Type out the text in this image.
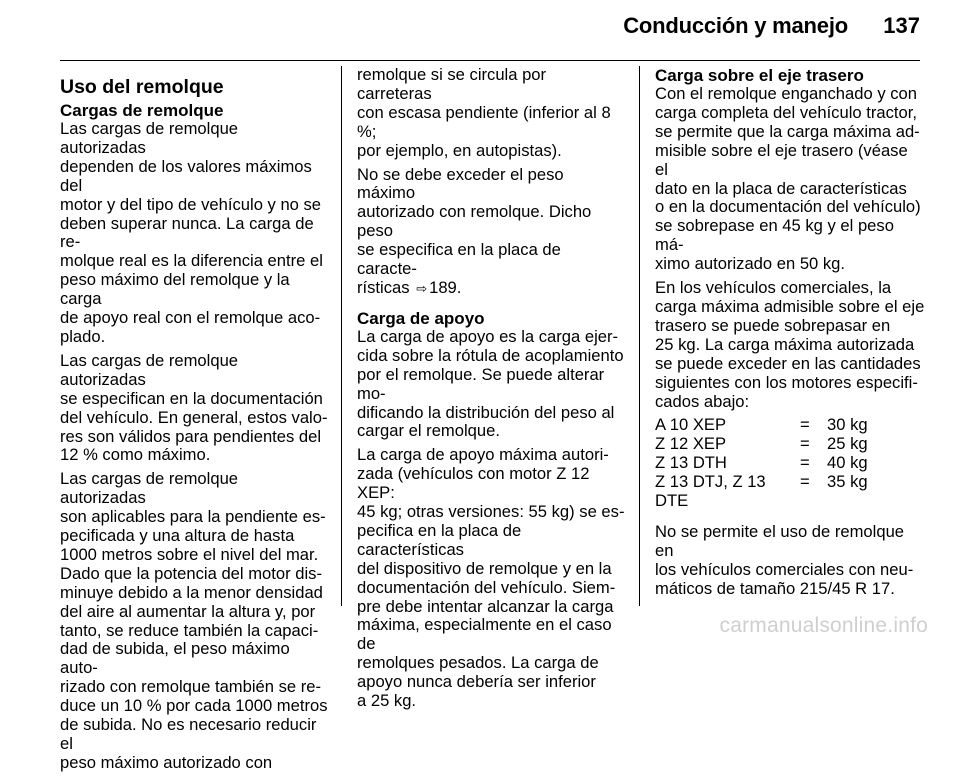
Conducción y manejo 137
Uso del remolque
Cargas de remolque

Las cargas de remolque autorizadas
dependen de los valores máximos del
motor y del tipo de vehículo y no se
deben superar nunca. La carga de re-
molque real es la diferencia entre el
peso máximo del remolque y la carga
de apoyo real con el remolque aco-
plado.

Las cargas de remolque autorizadas
se especifican en la documentación
del vehículo. En general, estos valo-
res son válidos para pendientes del
12 % como máximo.

Las cargas de remolque autorizadas
son aplicables para la pendiente es-
pecificada y una altura de hasta
1000 metros sobre el nivel del mar.
Dado que la potencia del motor dis-
minuye debido a la menor densidad
del aire al aumentar la altura y, por
tanto, se reduce también la capaci-
dad de subida, el peso máximo auto-
rizado con remolque también se re-
duce un 10 % por cada 1000 metros
de subida. No es necesario reducir el
peso máximo autorizado con

remolque si se circula por carreteras
con escasa pendiente (inferior al 8 %;
por ejemplo, en autopistas).

No se debe exceder el peso máximo
autorizado con remolque. Dicho peso
se especifica en la placa de caracte-
rísticas ⇨ 189.

Carga de apoyo

La carga de apoyo es la carga ejer-
cida sobre la rótula de acoplamiento
por el remolque. Se puede alterar mo-
dificando la distribución del peso al
cargar el remolque.

La carga de apoyo máxima autori-
zada (vehículos con motor Z 12 XEP:
45 kg; otras versiones: 55 kg) se es-
pecifica en la placa de características
del dispositivo de remolque y en la
documentación del vehículo. Siem-
pre debe intentar alcanzar la carga
máxima, especialmente en el caso de
remolques pesados. La carga de
apoyo nunca debería ser inferior
a 25 kg.

Carga sobre el eje trasero

Con el remolque enganchado y con
carga completa del vehículo tractor,
se permite que la carga máxima ad-
misible sobre el eje trasero (véase el
dato en la placa de características
o en la documentación del vehículo)
se sobrepase en 45 kg y el peso má-
ximo autorizado en 50 kg.

En los vehículos comerciales, la
carga máxima admisible sobre el eje
trasero se puede sobrepasar en
25 kg. La carga máxima autorizada
se puede exceder en las cantidades
siguientes con los motores especifi-
cados abajo:

A 10 XEP	=	30 kg
Z 12 XEP	=	25 kg
Z 13 DTH	=	40 kg
Z 13 DTJ, Z 13 DTE	=	35 kg

No se permite el uso de remolque en
los vehículos comerciales con neu-
máticos de tamaño 215/45 R 17.

carmanualsonline.info
